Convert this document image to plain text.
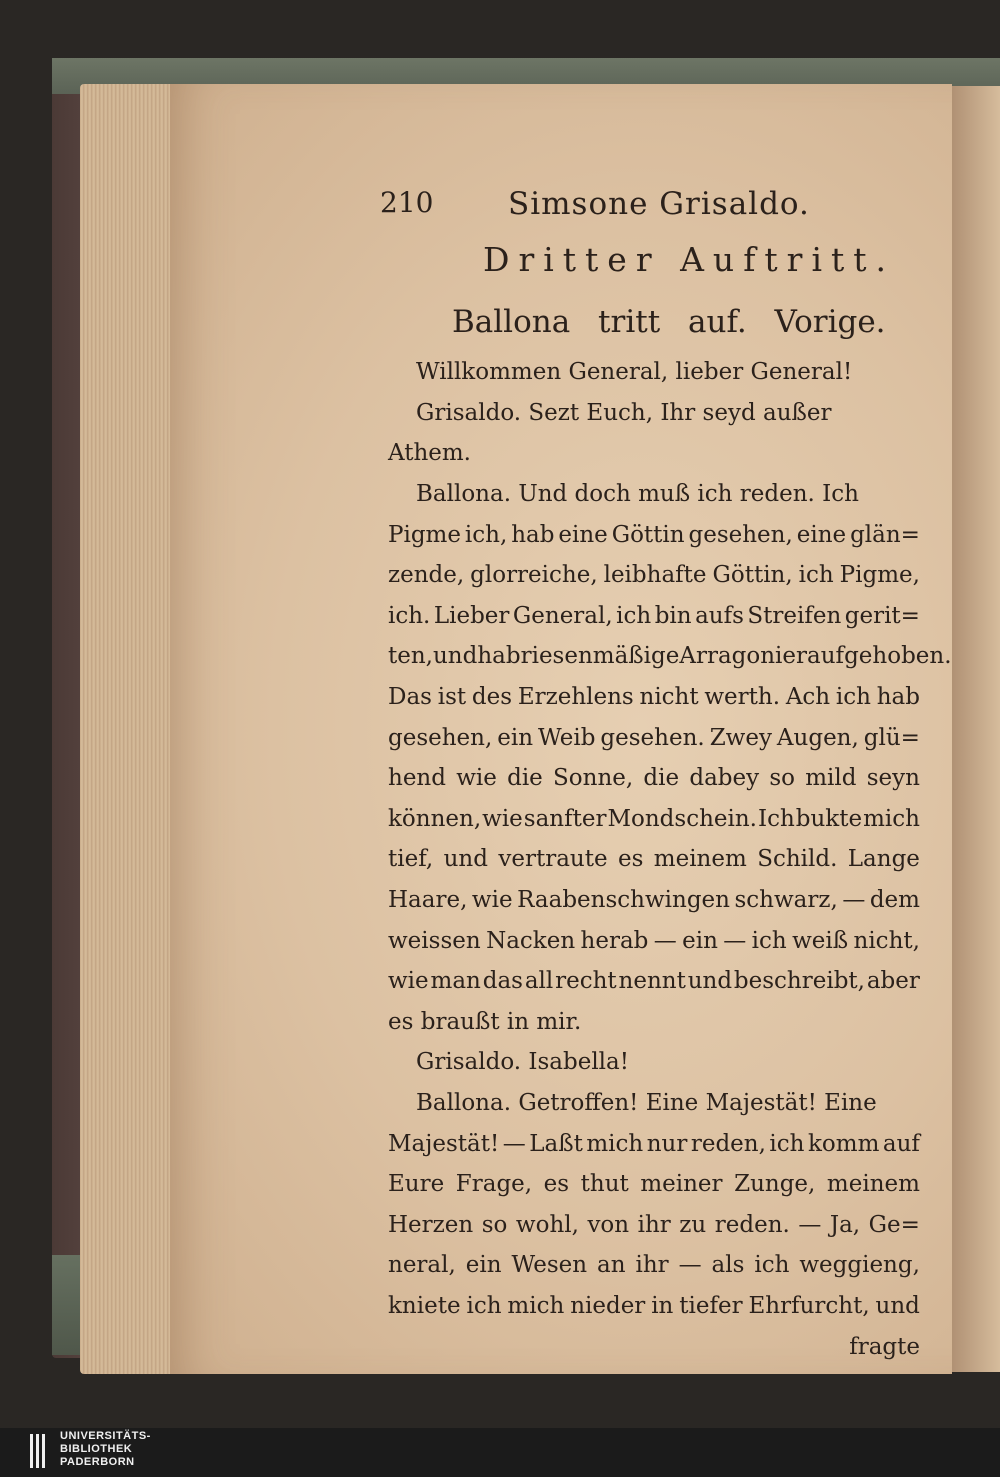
210 Simsone Grisaldo.
Dritter Auftritt.
Ballona tritt auf. Vorige.
Willkommen General, lieber General!
Grisaldo. Sezt Euch, Ihr seyd außer
Athem.
Ballona. Und doch muß ich reden. Ich
Pigme ich, hab eine Göttin gesehen, eine glän=
zende, glorreiche, leibhafte Göttin, ich Pigme,
ich. Lieber General, ich bin aufs Streifen gerit=
ten, und hab riesenmäßige Arragonier aufgehoben.
Das ist des Erzehlens nicht werth. Ach ich hab
gesehen, ein Weib gesehen. Zwey Augen, glü=
hend wie die Sonne, die dabey so mild seyn
können, wie sanfter Mondschein. Ich bukte mich
tief, und vertraute es meinem Schild. Lange
Haare, wie Raabenschwingen schwarz, — dem
weissen Nacken herab — ein — ich weiß nicht,
wie man das all recht nennt und beschreibt, aber
es braußt in mir.
Grisaldo. Isabella!
Ballona. Getroffen! Eine Majestät! Eine
Majestät! — Laßt mich nur reden, ich komm auf
Eure Frage, es thut meiner Zunge, meinem
Herzen so wohl, von ihr zu reden. — Ja, Ge=
neral, ein Wesen an ihr — als ich weggieng,
kniete ich mich nieder in tiefer Ehrfurcht, und
fragte
UNIVERSITÄTS-
BIBLIOTHEK
PADERBORN
